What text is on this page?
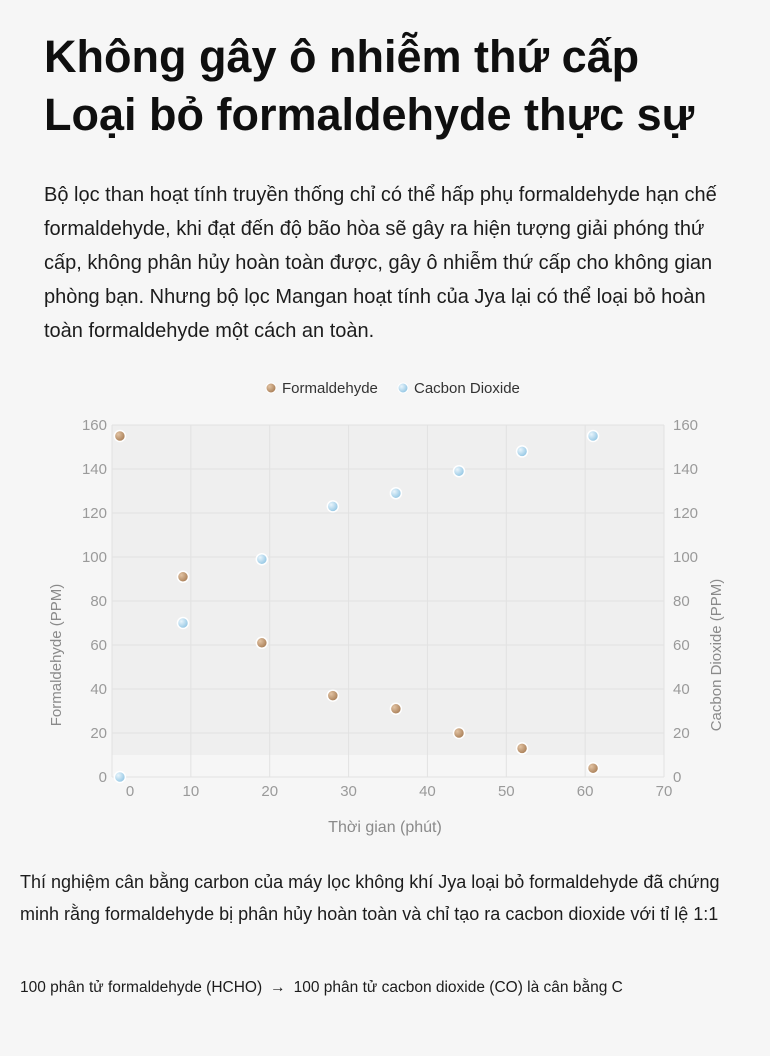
Không gây ô nhiễm thứ cấp
Loại bỏ formaldehyde thực sự

Bộ lọc than hoạt tính truyền thống chỉ có thể hấp phụ formaldehyde hạn chế formaldehyde, khi đạt đến độ bão hòa sẽ gây ra hiện tượng giải phóng thứ cấp, không phân hủy hoàn toàn được, gây ô nhiễm thứ cấp cho không gian phòng bạn. Nhưng bộ lọc Mangan hoạt tính của Jya lại có thể loại bỏ hoàn toàn formaldehyde một cách an toàn.

0	10	20	30	40	50	60	70
0	0
20	20
40	40
60	60
80	80
100	100
120	120
140	140
160	160
Formaldehyde Cacbon Dioxide
Thời gian (phút)
Formaldehyde (PPM)	Cacbon Dioxide (PPM)

Thí nghiệm cân bằng carbon của máy lọc không khí Jya loại bỏ formaldehyde đã chứng minh rằng formaldehyde bị phân hủy hoàn toàn và chỉ tạo ra cacbon dioxide với tỉ lệ 1:1

100 phân tử formaldehyde (HCHO) → 100 phân tử cacbon dioxide (CO) là cân bằng C
